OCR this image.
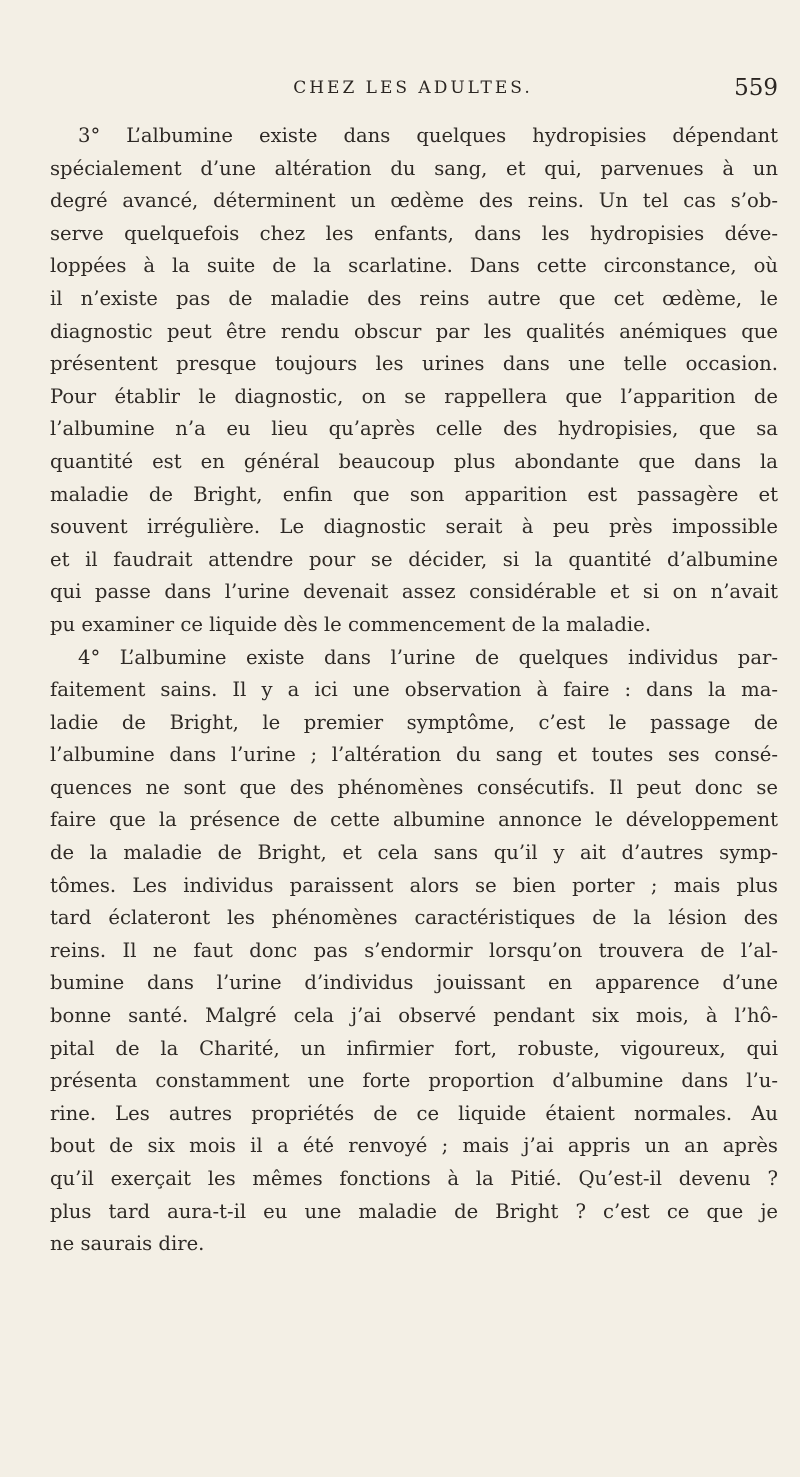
CHEZ LES ADULTES.	559
3° L’albumine existe dans quelques hydropisies dépendant
spécialement d’une altération du sang, et qui, parvenues à un
degré avancé, déterminent un œdème des reins. Un tel cas s’ob-
serve quelquefois chez les enfants, dans les hydropisies déve-
loppées à la suite de la scarlatine. Dans cette circonstance, où
il n’existe pas de maladie des reins autre que cet œdème, le
diagnostic peut être rendu obscur par les qualités anémiques que
présentent presque toujours les urines dans une telle occasion.
Pour établir le diagnostic, on se rappellera que l’apparition de
l’albumine n’a eu lieu qu’après celle des hydropisies, que sa
quantité est en général beaucoup plus abondante que dans la
maladie de Bright, enfin que son apparition est passagère et
souvent irrégulière. Le diagnostic serait à peu près impossible
et il faudrait attendre pour se décider, si la quantité d’albumine
qui passe dans l’urine devenait assez considérable et si on n’avait
pu examiner ce liquide dès le commencement de la maladie.
4° L’albumine existe dans l’urine de quelques individus par-
faitement sains. Il y a ici une observation à faire : dans la ma-
ladie de Bright, le premier symptôme, c’est le passage de
l’albumine dans l’urine ; l’altération du sang et toutes ses consé-
quences ne sont que des phénomènes consécutifs. Il peut donc se
faire que la présence de cette albumine annonce le développement
de la maladie de Bright, et cela sans qu’il y ait d’autres symp-
tômes. Les individus paraissent alors se bien porter ; mais plus
tard éclateront les phénomènes caractéristiques de la lésion des
reins. Il ne faut donc pas s’endormir lorsqu’on trouvera de l’al-
bumine dans l’urine d’individus jouissant en apparence d’une
bonne santé. Malgré cela j’ai observé pendant six mois, à l’hô-
pital de la Charité, un infirmier fort, robuste, vigoureux, qui
présenta constamment une forte proportion d’albumine dans l’u-
rine. Les autres propriétés de ce liquide étaient normales. Au
bout de six mois il a été renvoyé ; mais j’ai appris un an après
qu’il exerçait les mêmes fonctions à la Pitié. Qu’est-il devenu ?
plus tard aura-t-il eu une maladie de Bright ? c’est ce que je
ne saurais dire.
